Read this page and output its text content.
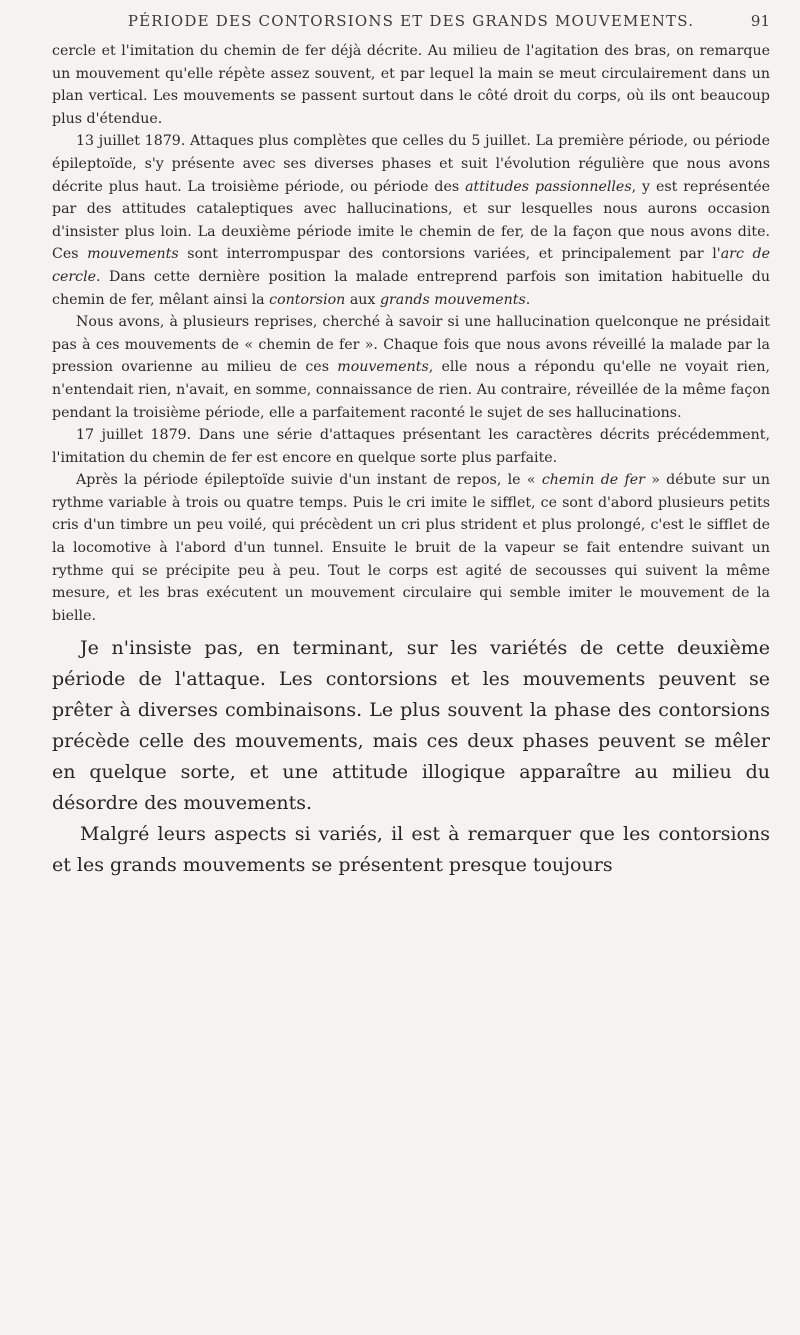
PÉRIODE DES CONTORSIONS ET DES GRANDS MOUVEMENTS.	91

cercle et l'imitation du chemin de fer déjà décrite. Au milieu de l'agitation des bras, on remarque un mouvement qu'elle répète assez souvent, et par lequel la main se meut circulairement dans un plan vertical. Les mouvements se passent surtout dans le côté droit du corps, où ils ont beaucoup plus d'étendue.

13 juillet 1879. Attaques plus complètes que celles du 5 juillet. La première période, ou période épileptoïde, s'y présente avec ses diverses phases et suit l'évolution régulière que nous avons décrite plus haut. La troisième période, ou période des attitudes passionnelles, y est représentée par des attitudes cataleptiques avec hallucinations, et sur lesquelles nous aurons occasion d'insister plus loin. La deuxième période imite le chemin de fer, de la façon que nous avons dite. Ces mouvements sont interrompuspar des contorsions variées, et principalement par l'arc de cercle. Dans cette dernière position la malade entreprend parfois son imitation habituelle du chemin de fer, mêlant ainsi la contorsion aux grands mouvements.

Nous avons, à plusieurs reprises, cherché à savoir si une hallucination quelconque ne présidait pas à ces mouvements de « chemin de fer ». Chaque fois que nous avons réveillé la malade par la pression ovarienne au milieu de ces mouvements, elle nous a répondu qu'elle ne voyait rien, n'entendait rien, n'avait, en somme, connaissance de rien. Au contraire, réveillée de la même façon pendant la troisième période, elle a parfaitement raconté le sujet de ses hallucinations.

17 juillet 1879. Dans une série d'attaques présentant les caractères décrits précédemment, l'imitation du chemin de fer est encore en quelque sorte plus parfaite.

Après la période épileptoïde suivie d'un instant de repos, le « chemin de fer » débute sur un rythme variable à trois ou quatre temps. Puis le cri imite le sifflet, ce sont d'abord plusieurs petits cris d'un timbre un peu voilé, qui précèdent un cri plus strident et plus prolongé, c'est le sifflet de la locomotive à l'abord d'un tunnel. Ensuite le bruit de la vapeur se fait entendre suivant un rythme qui se précipite peu à peu. Tout le corps est agité de secousses qui suivent la même mesure, et les bras exécutent un mouvement circulaire qui semble imiter le mouvement de la bielle.

Je n'insiste pas, en terminant, sur les variétés de cette deuxième période de l'attaque. Les contorsions et les mouvements peuvent se prêter à diverses combinaisons. Le plus souvent la phase des contorsions précède celle des mouvements, mais ces deux phases peuvent se mêler en quelque sorte, et une attitude illogique apparaître au milieu du désordre des mouvements.

Malgré leurs aspects si variés, il est à remarquer que les contorsions et les grands mouvements se présentent presque toujours
